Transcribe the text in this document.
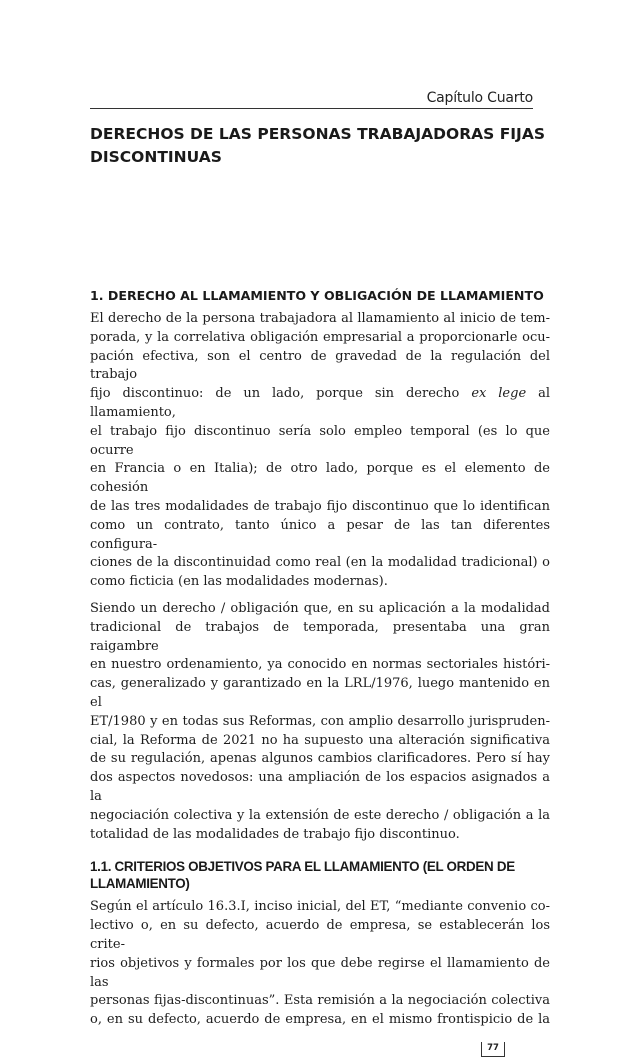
Capítulo Cuarto
DERECHOS DE LAS PERSONAS TRABAJADORAS FIJAS
DISCONTINUAS
1. DERECHO AL LLAMAMIENTO Y OBLIGACIÓN DE LLAMAMIENTO
El derecho de la persona trabajadora al llamamiento al inicio de tem-
porada, y la correlativa obligación empresarial a proporcionarle ocu-
pación efectiva, son el centro de gravedad de la regulación del trabajo
fijo discontinuo: de un lado, porque sin derecho ex lege al llamamiento,
el trabajo fijo discontinuo sería solo empleo temporal (es lo que ocurre
en Francia o en Italia); de otro lado, porque es el elemento de cohesión
de las tres modalidades de trabajo fijo discontinuo que lo identifican
como un contrato, tanto único a pesar de las tan diferentes configura-
ciones de la discontinuidad como real (en la modalidad tradicional) o
como ficticia (en las modalidades modernas).
Siendo un derecho / obligación que, en su aplicación a la modalidad
tradicional de trabajos de temporada, presentaba una gran raigambre
en nuestro ordenamiento, ya conocido en normas sectoriales históri-
cas, generalizado y garantizado en la LRL/1976, luego mantenido en el
ET/1980 y en todas sus Reformas, con amplio desarrollo jurispruden-
cial, la Reforma de 2021 no ha supuesto una alteración significativa
de su regulación, apenas algunos cambios clarificadores. Pero sí hay
dos aspectos novedosos: una ampliación de los espacios asignados a la
negociación colectiva y la extensión de este derecho / obligación a la
totalidad de las modalidades de trabajo fijo discontinuo.
1.1. CRITERIOS OBJETIVOS PARA EL LLAMAMIENTO (EL ORDEN DE LLAMAMIENTO)
Según el artículo 16.3.I, inciso inicial, del ET, “mediante convenio co-
lectivo o, en su defecto, acuerdo de empresa, se establecerán los crite-
rios objetivos y formales por los que debe regirse el llamamiento de las
personas fijas-discontinuas”. Esta remisión a la negociación colectiva
o, en su defecto, acuerdo de empresa, en el mismo frontispicio de la
77
